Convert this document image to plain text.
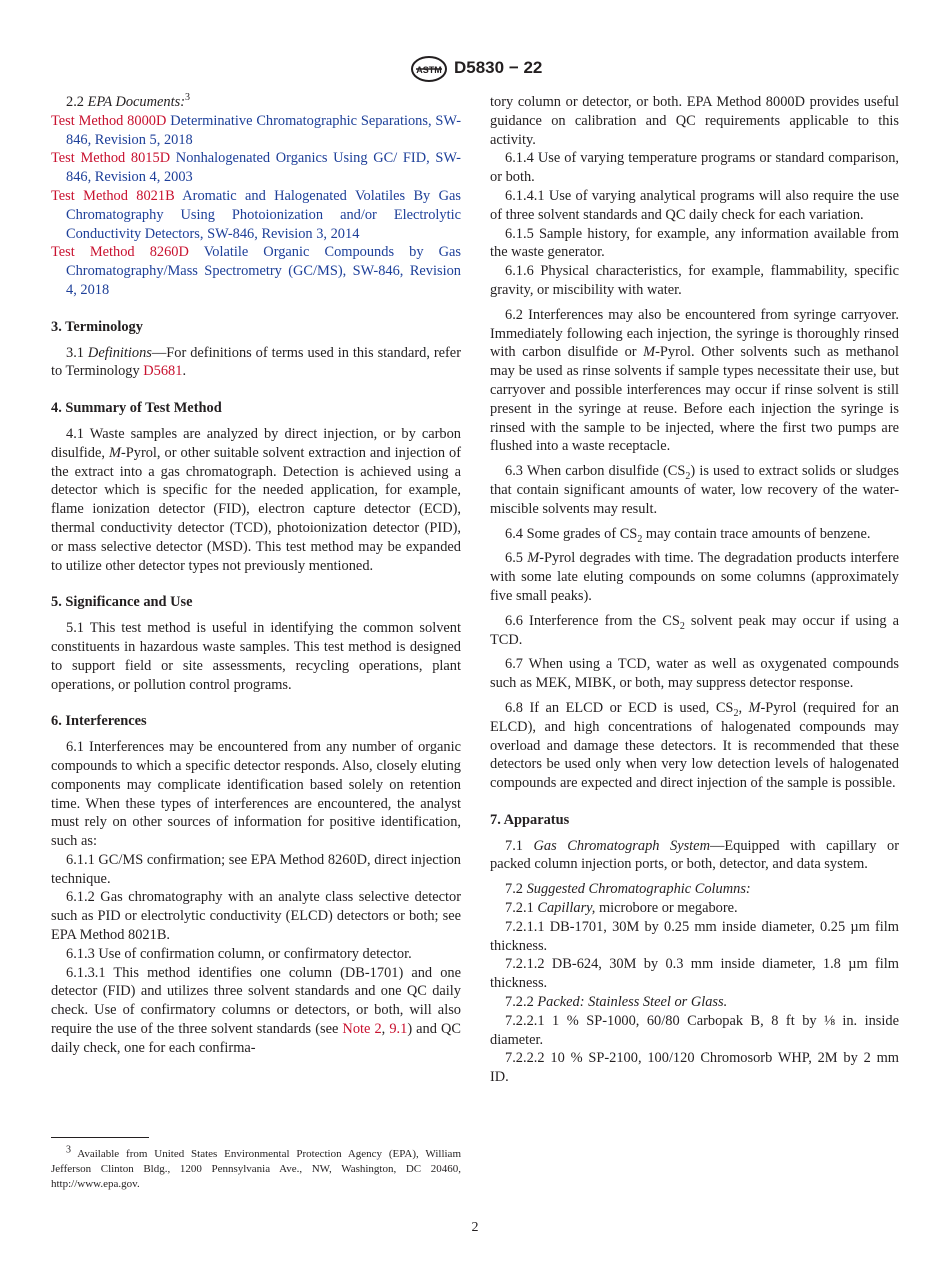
ASTM D5830 − 22

2.2 EPA Documents:$^3$

Test Method 8000D Determinative Chromatographic Separations, SW-846, Revision 5, 2018

Test Method 8015D Nonhalogenated Organics Using GC/ FID, SW-846, Revision 4, 2003

Test Method 8021B Aromatic and Halogenated Volatiles By Gas Chromatography Using Photoionization and/or Electrolytic Conductivity Detectors, SW-846, Revision 3, 2014

Test Method 8260D Volatile Organic Compounds by Gas Chromatography/Mass Spectrometry (GC/MS), SW-846, Revision 4, 2018

3. Terminology

3.1 Definitions—For definitions of terms used in this standard, refer to Terminology D5681.

4. Summary of Test Method

4.1 Waste samples are analyzed by direct injection, or by carbon disulfide, M-Pyrol, or other suitable solvent extraction and injection of the extract into a gas chromatograph. Detection is achieved using a detector which is specific for the needed application, for example, flame ionization detector (FID), electron capture detector (ECD), thermal conductivity detector (TCD), photoionization detector (PID), or mass selective detector (MSD). This test method may be expanded to utilize other detector types not previously mentioned.

5. Significance and Use

5.1 This test method is useful in identifying the common solvent constituents in hazardous waste samples. This test method is designed to support field or site assessments, recycling operations, plant operations, or pollution control programs.

6. Interferences

6.1 Interferences may be encountered from any number of organic compounds to which a specific detector responds. Also, closely eluting components may complicate identification based solely on retention time. When these types of interferences are encountered, the analyst must rely on other sources of information for positive identification, such as:

6.1.1 GC/MS confirmation; see EPA Method 8260D, direct injection technique.

6.1.2 Gas chromatography with an analyte class selective detector such as PID or electrolytic conductivity (ELCD) detectors or both; see EPA Method 8021B.

6.1.3 Use of confirmation column, or confirmatory detector.

6.1.3.1 This method identifies one column (DB-1701) and one detector (FID) and utilizes three solvent standards and one QC daily check. Use of confirmatory columns or detectors, or both, will also require the use of the three solvent standards (see Note 2, 9.1) and QC daily check, one for each confirma-

tory column or detector, or both. EPA Method 8000D provides useful guidance on calibration and QC requirements applicable to this activity.

6.1.4 Use of varying temperature programs or standard comparison, or both.

6.1.4.1 Use of varying analytical programs will also require the use of three solvent standards and QC daily check for each variation.

6.1.5 Sample history, for example, any information available from the waste generator.

6.1.6 Physical characteristics, for example, flammability, specific gravity, or miscibility with water.

6.2 Interferences may also be encountered from syringe carryover. Immediately following each injection, the syringe is thoroughly rinsed with carbon disulfide or M-Pyrol. Other solvents such as methanol may be used as rinse solvents if sample types necessitate their use, but carryover and possible interferences may occur if rinse solvent is still present in the syringe at reuse. Before each injection the syringe is rinsed with the sample to be injected, where the first two pumps are flushed into a waste receptacle.

6.3 When carbon disulfide $(CS_2)$ is used to extract solids or sludges that contain significant amounts of water, low recovery of the water-miscible solvents may result.

6.4 Some grades of $CS_2$ may contain trace amounts of benzene.

6.5 M-Pyrol degrades with time. The degradation products interfere with some late eluting compounds on some columns (approximately five small peaks).

6.6 Interference from the $CS_2$ solvent peak may occur if using a TCD.

6.7 When using a TCD, water as well as oxygenated compounds such as MEK, MIBK, or both, may suppress detector response.

6.8 If an ELCD or ECD is used, $CS_2$, M-Pyrol (required for an ELCD), and high concentrations of halogenated compounds may overload and damage these detectors. It is recommended that these detectors be used only when very low detection levels of halogenated compounds are expected and direct injection of the sample is possible.

7. Apparatus

7.1 Gas Chromatograph System—Equipped with capillary or packed column injection ports, or both, detector, and data system.

7.2 Suggested Chromatographic Columns:

7.2.1 Capillary, microbore or megabore.

7.2.1.1 DB-1701, 30M by 0.25 mm inside diameter, 0.25 µm film thickness.

7.2.1.2 DB-624, 30M by 0.3 mm inside diameter, 1.8 µm film thickness.

7.2.2 Packed: Stainless Steel or Glass.

7.2.2.1 1 % SP-1000, 60/80 Carbopak B, 8 ft by ⅛ in. inside diameter.

7.2.2.2 10 % SP-2100, 100/120 Chromosorb WHP, 2M by 2 mm ID.

$^3$ Available from United States Environmental Protection Agency (EPA), William Jefferson Clinton Bldg., 1200 Pennsylvania Ave., NW, Washington, DC 20460, http://www.epa.gov.

2
